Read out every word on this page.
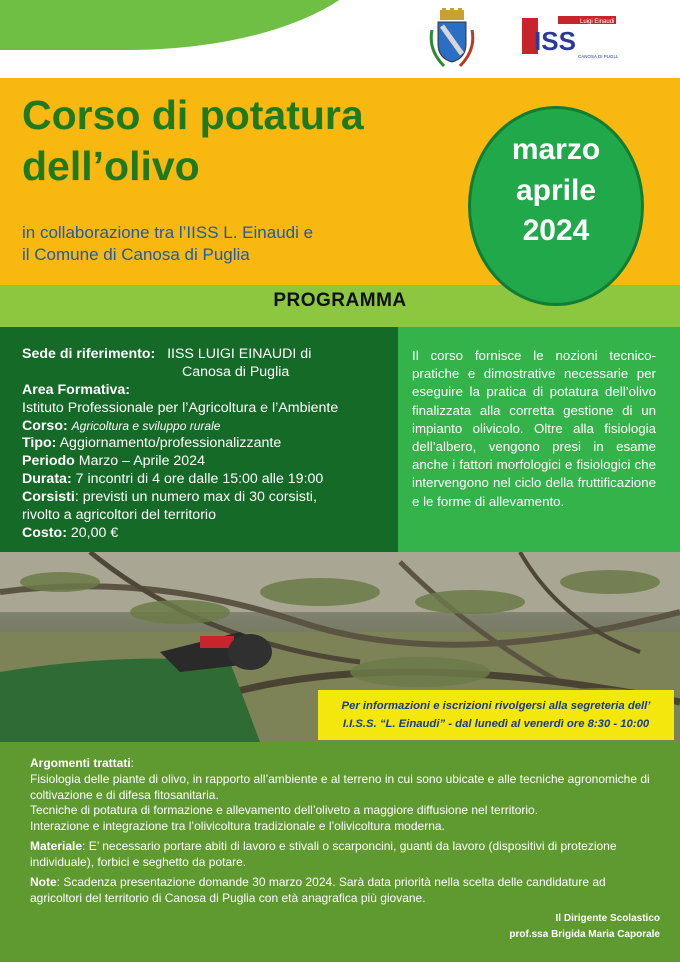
Luigi Einaudi
ISS
CANOSA DI PUGLIA
Corso di potatura
dell’olivo
in collaborazione tra l’IISS L. Einaudi e
il Comune di Canosa di Puglia
PROGRAMMA
marzo
aprile
2024
Sede di riferimento: IISS LUIGI EINAUDI di
Canosa di Puglia
Area Formativa:
Istituto Professionale per l’Agricoltura e l’Ambiente
Corso: Agricoltura e sviluppo rurale
Tipo: Aggiornamento/professionalizzante
Periodo Marzo – Aprile 2024
Durata: 7 incontri di 4 ore dalle 15:00 alle 19:00
Corsisti: previsti un numero max di 30 corsisti,
rivolto a agricoltori del territorio
Costo: 20,00 €
Il corso fornisce le nozioni tecnico-pratiche e dimostrative necessarie per eseguire la pratica di potatura dell’olivo finalizzata alla corretta gestione di un impianto olivicolo. Oltre alla fisiologia dell’albero, vengono presi in esame anche i fattori morfologici e fisiologici che intervengono nel ciclo della fruttificazione e le forme di allevamento.
Per informazioni e iscrizioni rivolgersi alla segreteria dell’
I.I.S.S. “L. Einaudi” - dal lunedì al venerdì ore 8:30 - 10:00
Argomenti trattati:
Fisiologia delle piante di olivo, in rapporto all’ambiente e al terreno in cui sono ubicate e alle tecniche agronomiche di coltivazione e di difesa fitosanitaria.
Tecniche di potatura di formazione e allevamento dell’oliveto a maggiore diffusione nel territorio.
Interazione e integrazione tra l’olivicoltura tradizionale e l’olivicoltura moderna.
Materiale: E’ necessario portare abiti di lavoro e stivali o scarponcini, guanti da lavoro (dispositivi di protezione individuale), forbici e seghetto da potare.
Note: Scadenza presentazione domande 30 marzo 2024. Sarà data priorità nella scelta delle candidature ad agricoltori del territorio di Canosa di Puglia con età anagrafica più giovane.
Il Dirigente Scolastico
prof.ssa Brigida Maria Caporale
